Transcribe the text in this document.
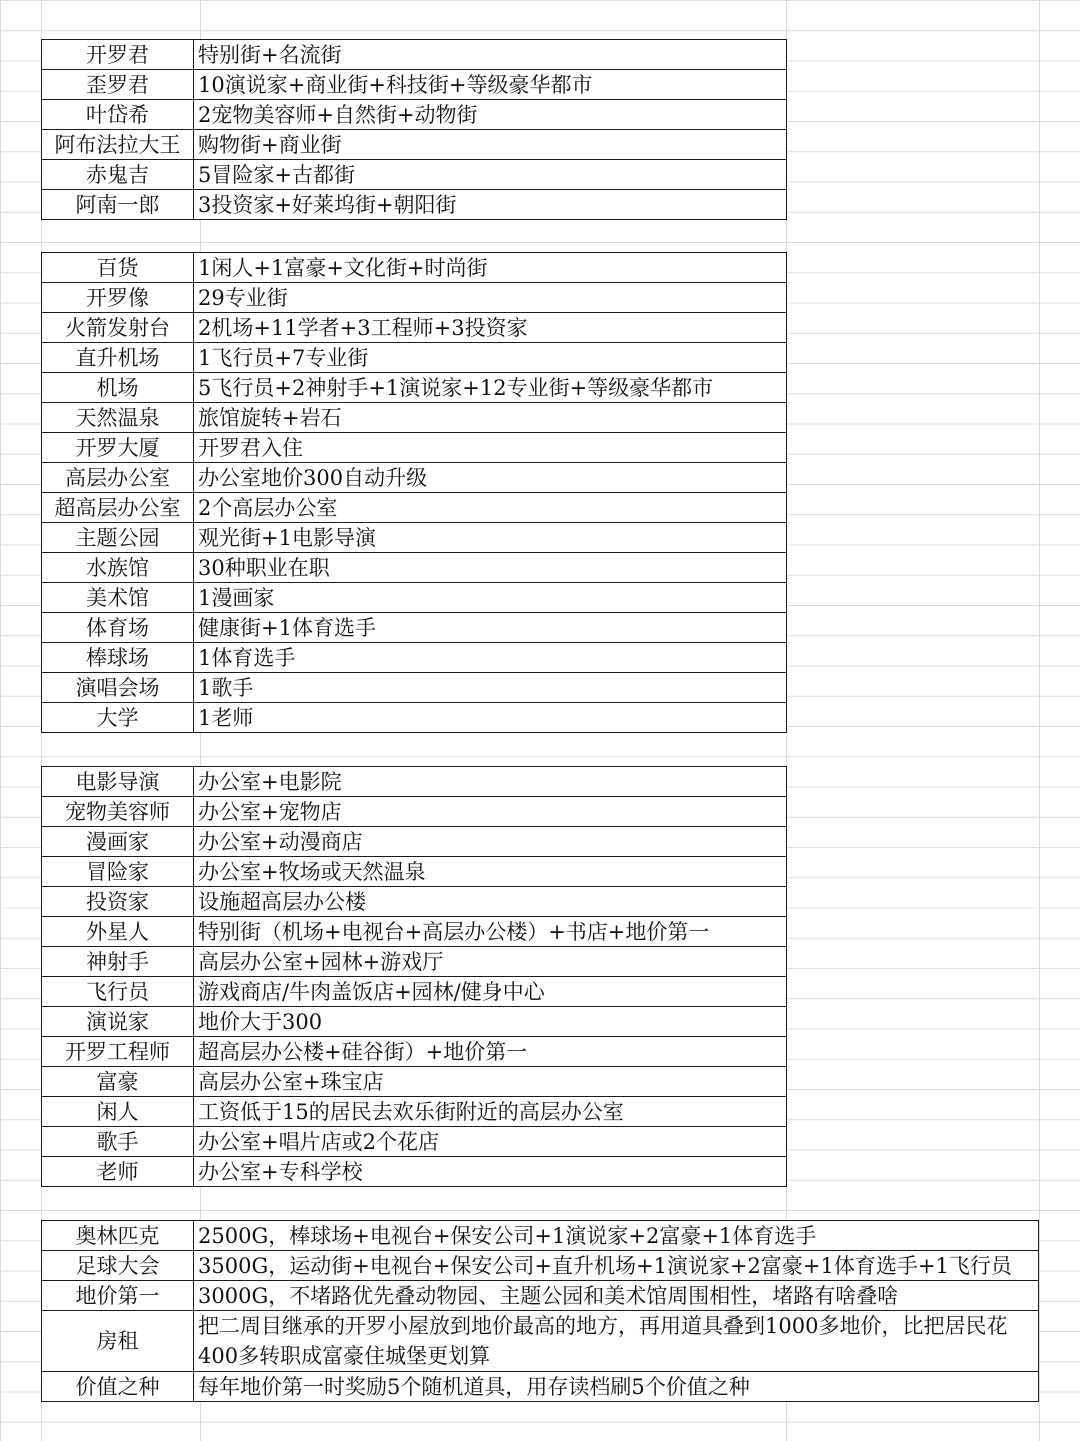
开罗君	特别街+名流街
歪罗君	10演说家+商业街+科技街+等级豪华都市
叶岱希	2宠物美容师+自然街+动物街
阿布法拉大王	购物街+商业街
赤鬼吉	5冒险家+古都街
阿南一郎	3投资家+好莱坞街+朝阳街
百货	1闲人+1富豪+文化街+时尚街
开罗像	29专业街
火箭发射台	2机场+11学者+3工程师+3投资家
直升机场	1飞行员+7专业街
机场	5飞行员+2神射手+1演说家+12专业街+等级豪华都市
天然温泉	旅馆旋转+岩石
开罗大厦	开罗君入住
高层办公室	办公室地价300自动升级
超高层办公室	2个高层办公室
主题公园	观光街+1电影导演
水族馆	30种职业在职
美术馆	1漫画家
体育场	健康街+1体育选手
棒球场	1体育选手
演唱会场	1歌手
大学	1老师
电影导演	办公室+电影院
宠物美容师	办公室+宠物店
漫画家	办公室+动漫商店
冒险家	办公室+牧场或天然温泉
投资家	设施超高层办公楼
外星人	特别街（机场+电视台+高层办公楼）+书店+地价第一
神射手	高层办公室+园林+游戏厅
飞行员	游戏商店/牛肉盖饭店+园林/健身中心
演说家	地价大于300
开罗工程师	超高层办公楼+硅谷街）+地价第一
富豪	高层办公室+珠宝店
闲人	工资低于15的居民去欢乐街附近的高层办公室
歌手	办公室+唱片店或2个花店
老师	办公室+专科学校
奥林匹克	2500G，棒球场+电视台+保安公司+1演说家+2富豪+1体育选手
足球大会	3500G，运动街+电视台+保安公司+直升机场+1演说家+2富豪+1体育选手+1飞行员
地价第一	3000G，不堵路优先叠动物园、主题公园和美术馆周围相性，堵路有啥叠啥
房租	把二周目继承的开罗小屋放到地价最高的地方，再用道具叠到1000多地价，比把居民花400多转职成富豪住城堡更划算
价值之种	每年地价第一时奖励5个随机道具，用存读档刷5个价值之种
